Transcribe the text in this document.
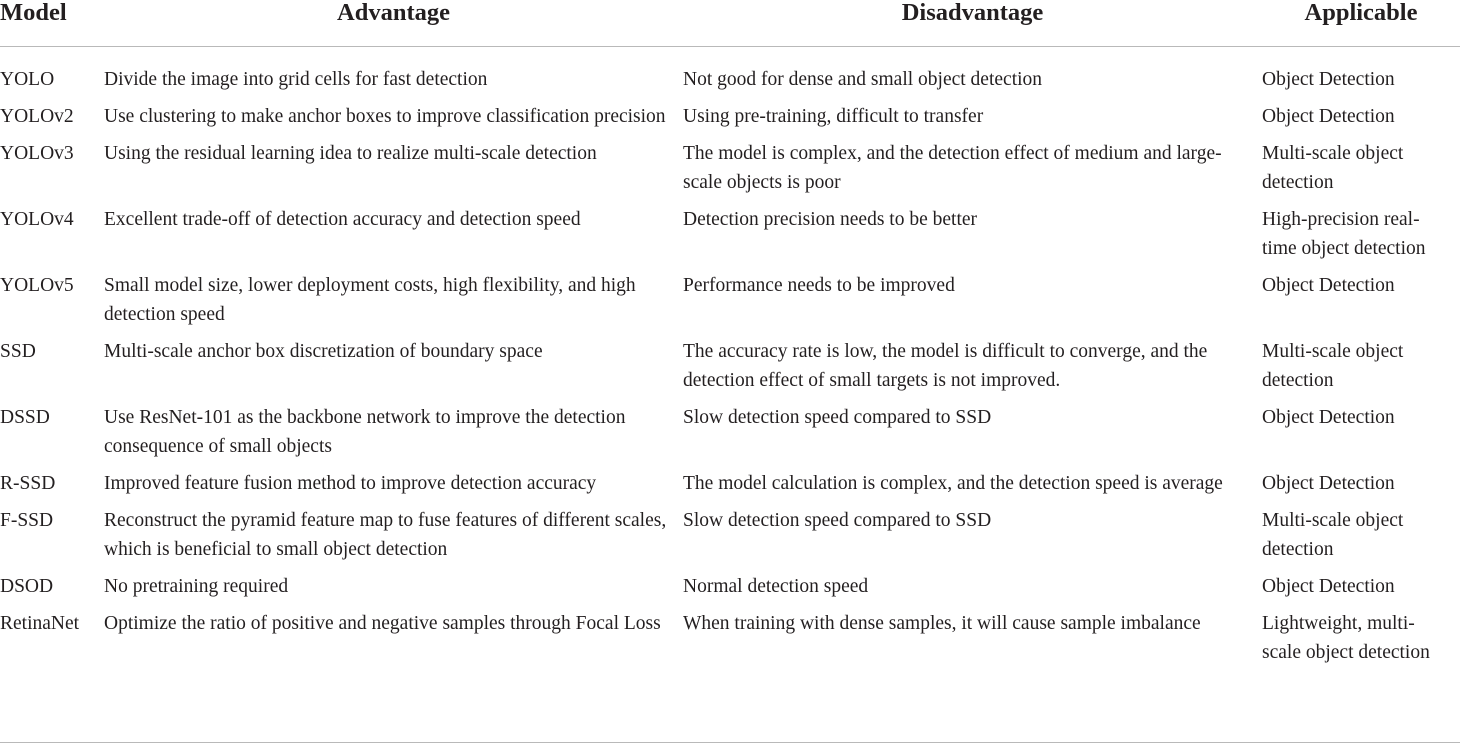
Model	Advantage	Disadvantage	Applicable
YOLO	Divide the image into grid cells for fast detection	Not good for dense and small object detection	Object Detection
YOLOv2	Use clustering to make anchor boxes to improve classification precision	Using pre-training, difficult to transfer	Object Detection
YOLOv3	Using the residual learning idea to realize multi-scale detection	The model is complex, and the detection effect of medium and large-scale objects is poor	Multi-scale object detection
YOLOv4	Excellent trade-off of detection accuracy and detection speed	Detection precision needs to be better	High-precision real-time object detection
YOLOv5	Small model size, lower deployment costs, high flexibility, and high detection speed	Performance needs to be improved	Object Detection
SSD	Multi-scale anchor box discretization of boundary space	The accuracy rate is low, the model is difficult to converge, and the detection effect of small targets is not improved.	Multi-scale object detection
DSSD	Use ResNet-101 as the backbone network to improve the detection consequence of small objects	Slow detection speed compared to SSD	Object Detection
R-SSD	Improved feature fusion method to improve detection accuracy	The model calculation is complex, and the detection speed is average	Object Detection
F-SSD	Reconstruct the pyramid feature map to fuse features of different scales, which is beneficial to small object detection	Slow detection speed compared to SSD	Multi-scale object detection
DSOD	No pretraining required	Normal detection speed	Object Detection
RetinaNet	Optimize the ratio of positive and negative samples through Focal Loss	When training with dense samples, it will cause sample imbalance	Lightweight, multi-scale object detection
